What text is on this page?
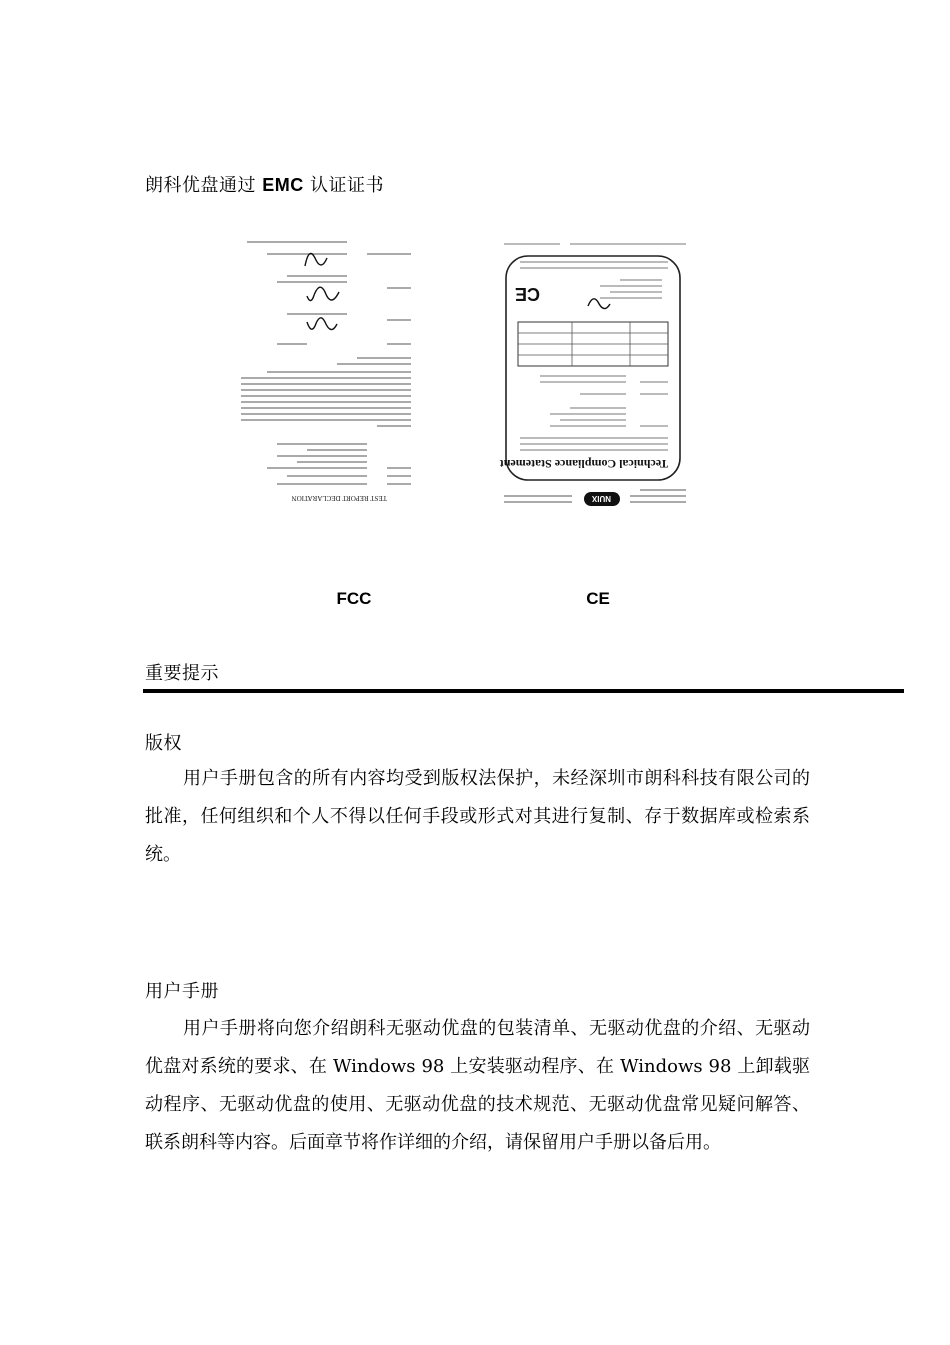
朗科优盘通过 EMC 认证证书
TEST REPORT DECLARATION	NUIX
Technical Compliance Statement
CE
FCC	CE
重要提示
版权
用户手册包含的所有内容均受到版权法保护，未经深圳市朗科科技有限公司的批准，任何组织和个人不得以任何手段或形式对其进行复制、存于数据库或检索系统。
用户手册
用户手册将向您介绍朗科无驱动优盘的包装清单、无驱动优盘的介绍、无驱动优盘对系统的要求、在 Windows 98 上安装驱动程序、在 Windows 98 上卸载驱动程序、无驱动优盘的使用、无驱动优盘的技术规范、无驱动优盘常见疑问解答、联系朗科等内容。后面章节将作详细的介绍，请保留用户手册以备后用。
